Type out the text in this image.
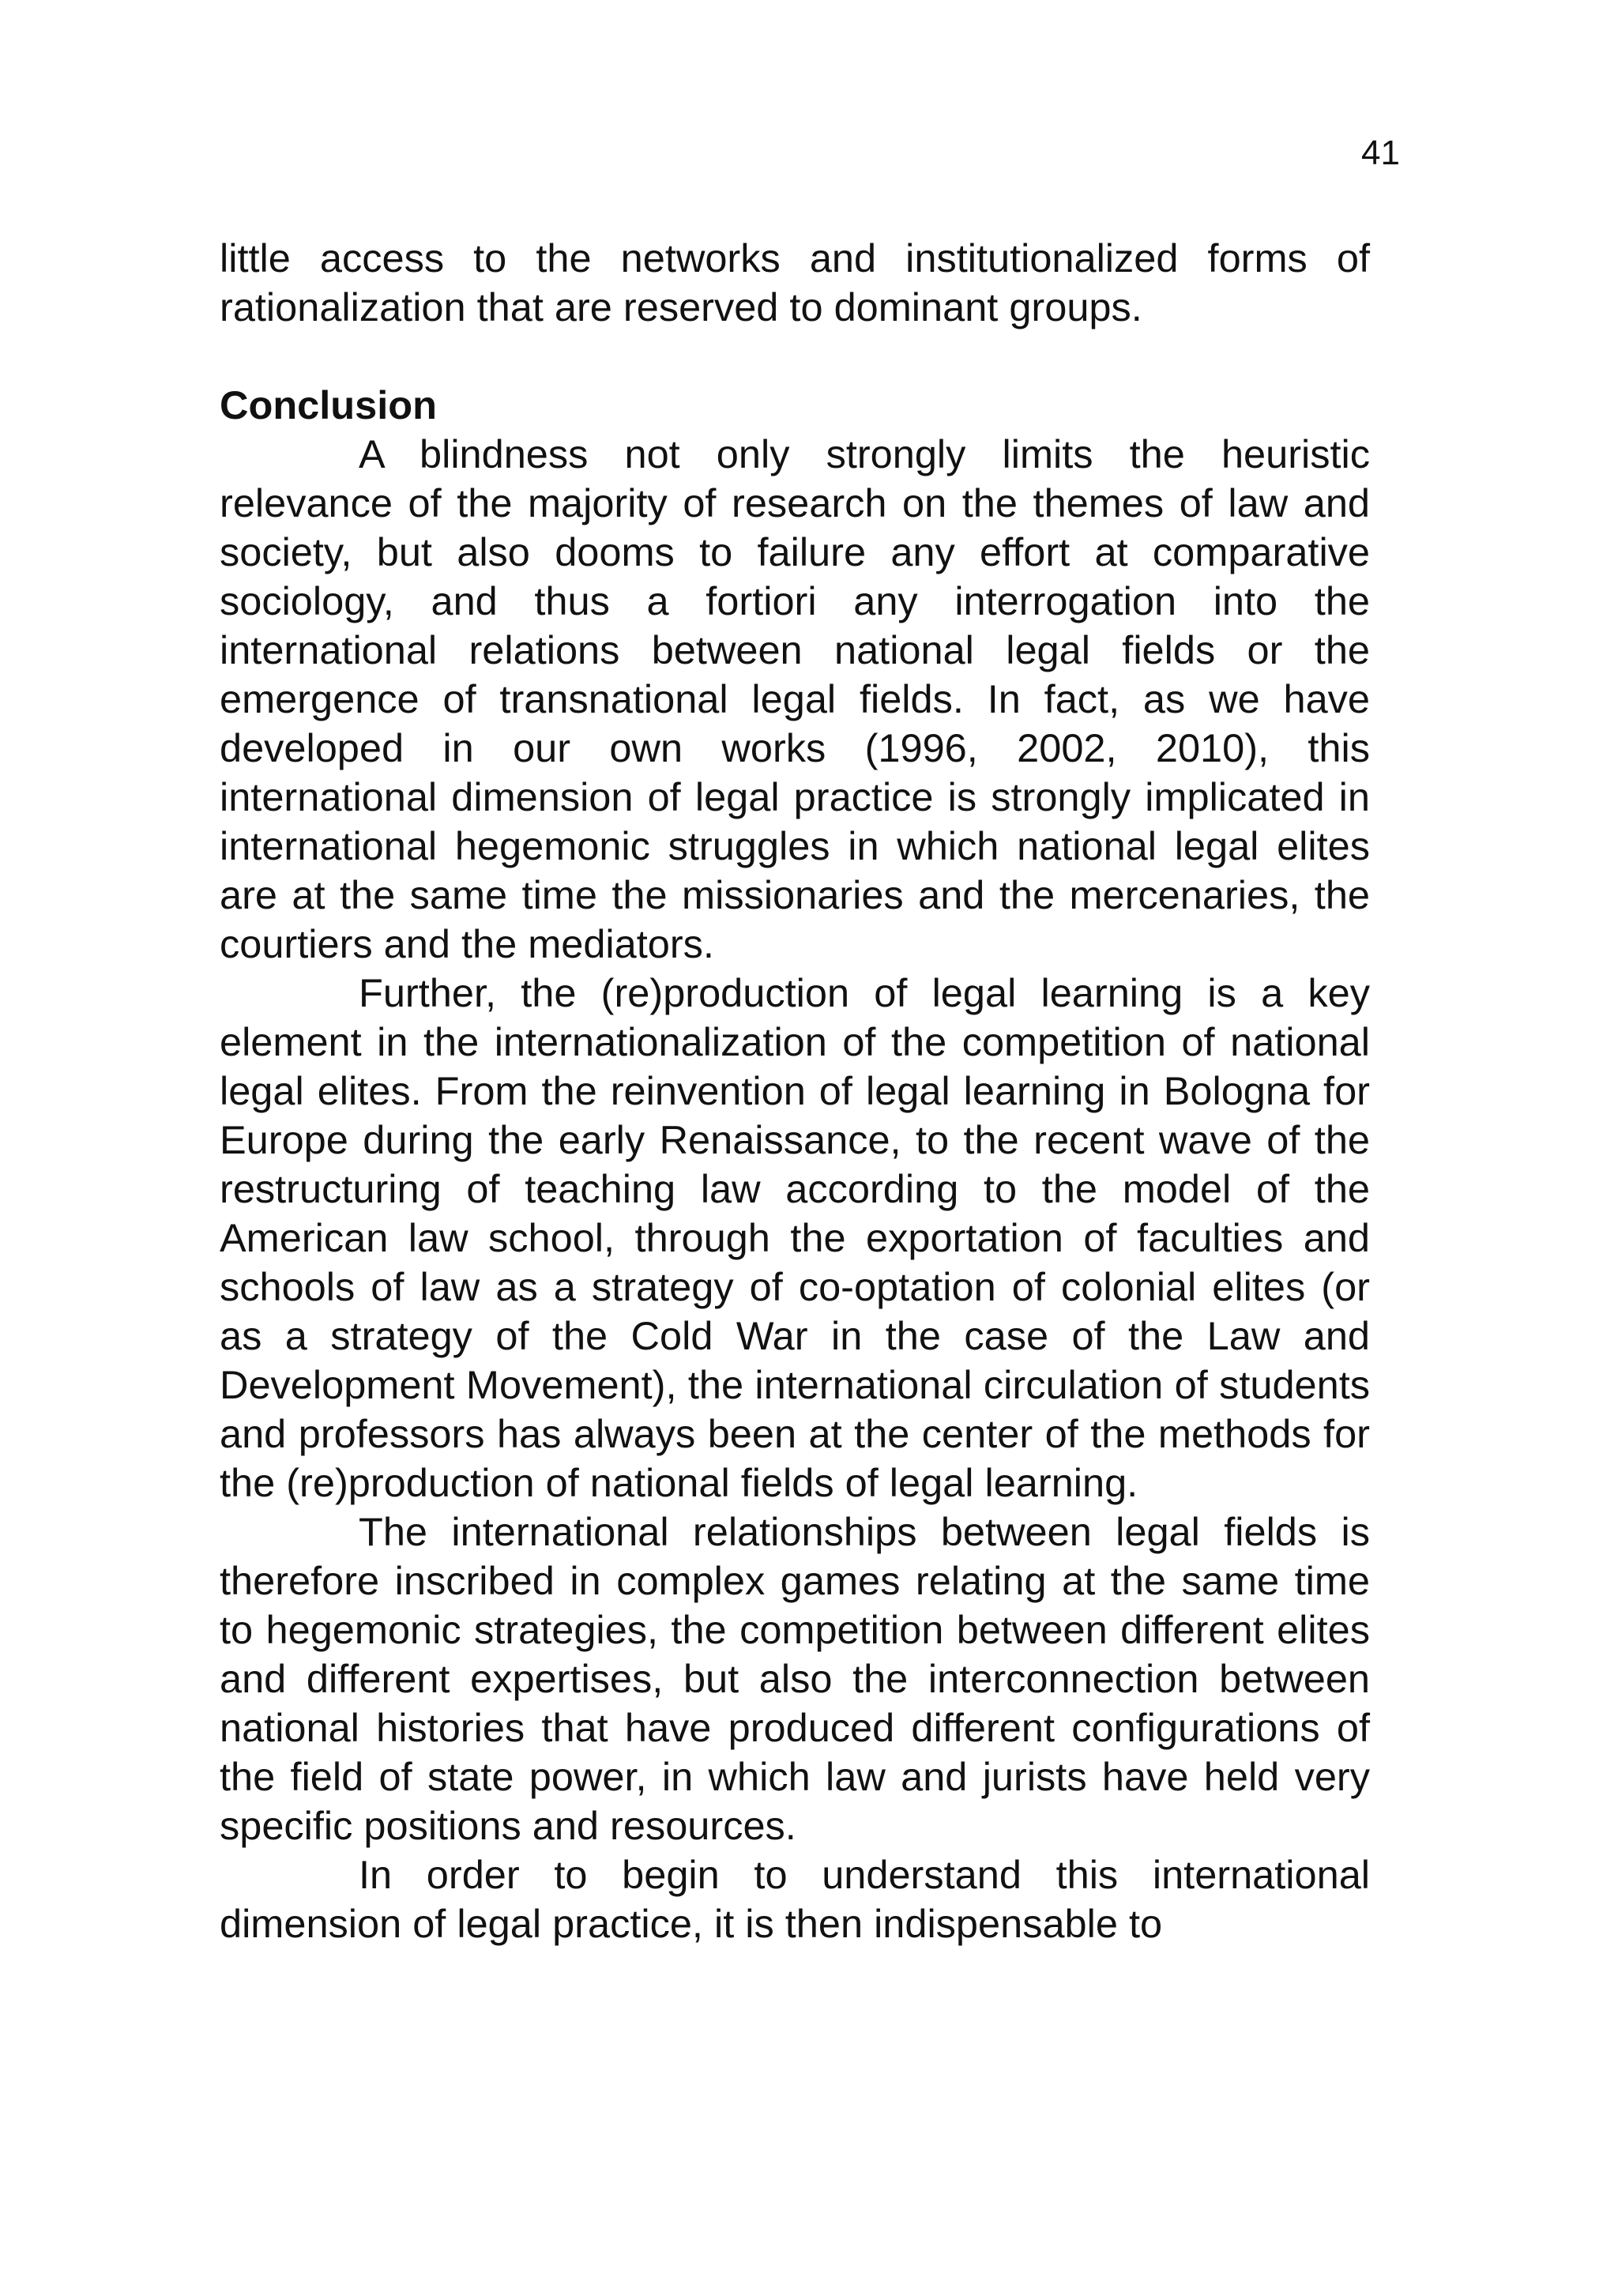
41

little access to the networks and institutionalized forms of rationalization that are reserved to dominant groups.

Conclusion

A blindness not only strongly limits the heuristic relevance of the majority of research on the themes of law and society, but also dooms to failure any effort at comparative sociology, and thus a fortiori any interrogation into the international relations between national legal fields or the emergence of transnational legal fields. In fact, as we have developed in our own works (1996, 2002, 2010), this international dimension of legal practice is strongly implicated in international hegemonic struggles in which national legal elites are at the same time the missionaries and the mercenaries, the courtiers and the mediators.

Further, the (re)production of legal learning is a key element in the internationalization of the competition of national legal elites. From the reinvention of legal learning in Bologna for Europe during the early Renaissance, to the recent wave of the restructuring of teaching law according to the model of the American law school, through the exportation of faculties and schools of law as a strategy of co-optation of colonial elites (or as a strategy of the Cold War in the case of the Law and Development Movement), the international circulation of students and professors has always been at the center of the methods for the (re)production of national fields of legal learning.

The international relationships between legal fields is therefore inscribed in complex games relating at the same time to hegemonic strategies, the competition between different elites and different expertises, but also the interconnection between national histories that have produced different configurations of the field of state power, in which law and jurists have held very specific positions and resources.

In order to begin to understand this international dimension of legal practice, it is then indispensable to
